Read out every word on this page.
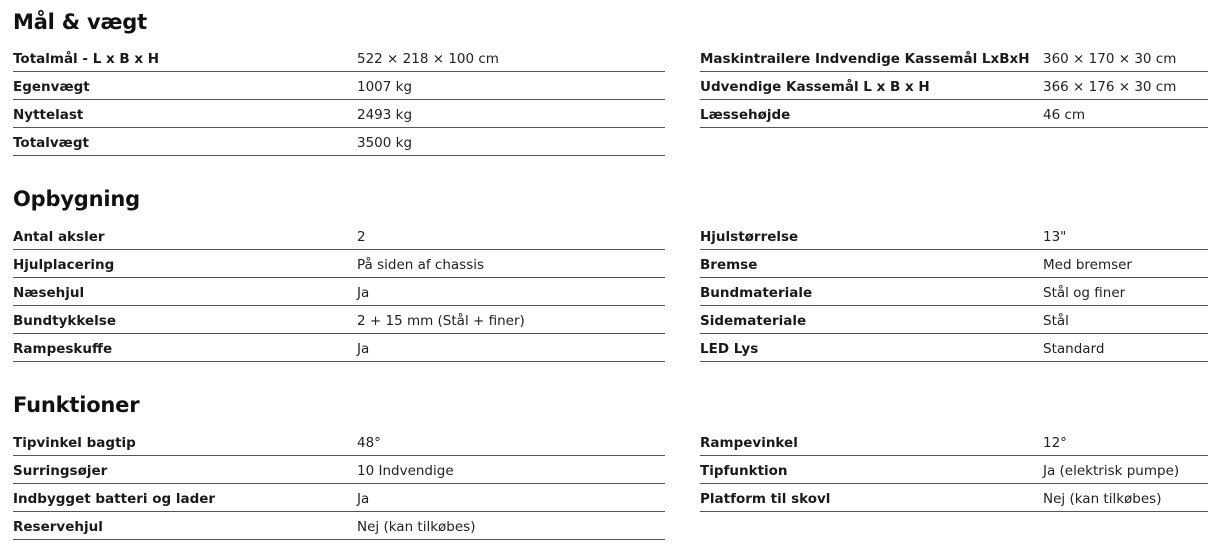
Mål & vægt
Totalmål - L x B x H	522 × 218 × 100 cm
Egenvægt	1007 kg
Nyttelast	2493 kg
Totalvægt	3500 kg
Maskintrailere Indvendige Kassemål LxBxH 360 × 170 × 30 cm
Udvendige Kassemål L x B x H	366 × 176 × 30 cm
Læssehøjde	46 cm
Opbygning
Antal aksler	2
Hjulplacering	På siden af chassis
Næsehjul	Ja
Bundtykkelse	2 + 15 mm (Stål + finer)
Rampeskuffe	Ja
Hjulstørrelse	13"
Bremse	Med bremser
Bundmateriale	Stål og finer
Sidemateriale	Stål
LED Lys	Standard
Funktioner
Tipvinkel bagtip	48°
Surringsøjer	10 Indvendige
Indbygget batteri og lader	Ja
Reservehjul	Nej (kan tilkøbes)
Rampevinkel	12°
Tipfunktion	Ja (elektrisk pumpe)
Platform til skovl	Nej (kan tilkøbes)
